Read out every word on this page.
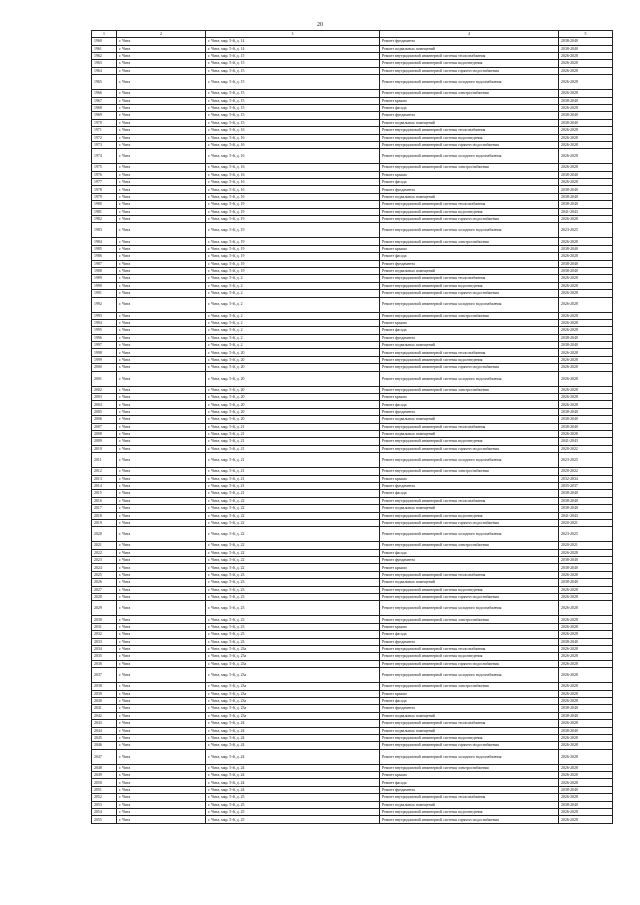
20
1	2	3	4	5
1960	г. Чита	г. Чита, мкр. 5-й, д. 14	Ремонт фундамента	2038-2040
1961	г. Чита	г. Чита, мкр. 5-й, д. 14	Ремонт подвальных помещений	2038-2040
1962	г. Чита	г. Чита, мкр. 5-й, д. 15	Ремонт внутридомовой инженерной системы теплоснабжения	2026-2028
1963	г. Чита	г. Чита, мкр. 5-й, д. 15	Ремонт внутридомовой инженерной системы водоотведения	2026-2028
1964	г. Чита	г. Чита, мкр. 5-й, д. 15	Ремонт внутридомовой инженерной системы горячего водоснабжения	2026-2028
1965	г. Чита	г. Чита, мкр. 5-й, д. 15	Ремонт внутридомовой инженерной системы холодного водоснабжения	2026-2028
1966	г. Чита	г. Чита, мкр. 5-й, д. 15	Ремонт внутридомовой инженерной системы электроснабжения	2026-2028
1967	г. Чита	г. Чита, мкр. 5-й, д. 15	Ремонт крыши	2038-2040
1968	г. Чита	г. Чита, мкр. 5-й, д. 15	Ремонт фасада	2026-2028
1969	г. Чита	г. Чита, мкр. 5-й, д. 15	Ремонт фундамента	2038-2040
1970	г. Чита	г. Чита, мкр. 5-й, д. 15	Ремонт подвальных помещений	2038-2040
1971	г. Чита	г. Чита, мкр. 5-й, д. 16	Ремонт внутридомовой инженерной системы теплоснабжения	2026-2028
1972	г. Чита	г. Чита, мкр. 5-й, д. 16	Ремонт внутридомовой инженерной системы водоотведения	2026-2028
1973	г. Чита	г. Чита, мкр. 5-й, д. 16	Ремонт внутридомовой инженерной системы горячего водоснабжения	2026-2028
1974	г. Чита	г. Чита, мкр. 5-й, д. 16	Ремонт внутридомовой инженерной системы холодного водоснабжения	2026-2028
1975	г. Чита	г. Чита, мкр. 5-й, д. 16	Ремонт внутридомовой инженерной системы электроснабжения	2026-2028
1976	г. Чита	г. Чита, мкр. 5-й, д. 16	Ремонт крыши	2038-2040
1977	г. Чита	г. Чита, мкр. 5-й, д. 16	Ремонт фасада	2026-2028
1978	г. Чита	г. Чита, мкр. 5-й, д. 16	Ремонт фундамента	2038-2040
1979	г. Чита	г. Чита, мкр. 5-й, д. 16	Ремонт подвальных помещений	2038-2040
1980	г. Чита	г. Чита, мкр. 5-й, д. 19	Ремонт внутридомовой инженерной системы теплоснабжения	2038-2040
1981	г. Чита	г. Чита, мкр. 5-й, д. 19	Ремонт внутридомовой инженерной системы водоотведения	2041-2043
1982	г. Чита	г. Чита, мкр. 5-й, д. 19	Ремонт внутридомовой инженерной системы горячего водоснабжения	2026-2028
1983	г. Чита	г. Чита, мкр. 5-й, д. 19	Ремонт внутридомовой инженерной системы холодного водоснабжения	2023-2025
1984	г. Чита	г. Чита, мкр. 5-й, д. 19	Ремонт внутридомовой инженерной системы электроснабжения	2026-2028
1985	г. Чита	г. Чита, мкр. 5-й, д. 19	Ремонт крыши	2038-2040
1986	г. Чита	г. Чита, мкр. 5-й, д. 19	Ремонт фасада	2026-2028
1987	г. Чита	г. Чита, мкр. 5-й, д. 19	Ремонт фундамента	2038-2040
1988	г. Чита	г. Чита, мкр. 5-й, д. 19	Ремонт подвальных помещений	2038-2040
1989	г. Чита	г. Чита, мкр. 5-й, д. 2	Ремонт внутридомовой инженерной системы теплоснабжения	2026-2028
1990	г. Чита	г. Чита, мкр. 5-й, д. 2	Ремонт внутридомовой инженерной системы водоотведения	2026-2028
1991	г. Чита	г. Чита, мкр. 5-й, д. 2	Ремонт внутридомовой инженерной системы горячего водоснабжения	2026-2028
1992	г. Чита	г. Чита, мкр. 5-й, д. 2	Ремонт внутридомовой инженерной системы холодного водоснабжения	2026-2028
1993	г. Чита	г. Чита, мкр. 5-й, д. 2	Ремонт внутридомовой инженерной системы электроснабжения	2026-2028
1994	г. Чита	г. Чита, мкр. 5-й, д. 2	Ремонт крыши	2026-2028
1995	г. Чита	г. Чита, мкр. 5-й, д. 2	Ремонт фасада	2026-2028
1996	г. Чита	г. Чита, мкр. 5-й, д. 2	Ремонт фундамента	2038-2040
1997	г. Чита	г. Чита, мкр. 5-й, д. 2	Ремонт подвальных помещений	2038-2040
1998	г. Чита	г. Чита, мкр. 5-й, д. 20	Ремонт внутридомовой инженерной системы теплоснабжения	2026-2028
1999	г. Чита	г. Чита, мкр. 5-й, д. 20	Ремонт внутридомовой инженерной системы водоотведения	2026-2028
2000	г. Чита	г. Чита, мкр. 5-й, д. 20	Ремонт внутридомовой инженерной системы горячего водоснабжения	2026-2028
2001	г. Чита	г. Чита, мкр. 5-й, д. 20	Ремонт внутридомовой инженерной системы холодного водоснабжения	2026-2028
2002	г. Чита	г. Чита, мкр. 5-й, д. 20	Ремонт внутридомовой инженерной системы электроснабжения	2026-2028
2003	г. Чита	г. Чита, мкр. 5-й, д. 20	Ремонт крыши	2026-2028
2004	г. Чита	г. Чита, мкр. 5-й, д. 20	Ремонт фасада	2026-2028
2005	г. Чита	г. Чита, мкр. 5-й, д. 20	Ремонт фундамента	2038-2040
2006	г. Чита	г. Чита, мкр. 5-й, д. 20	Ремонт подвальных помещений	2038-2040
2007	г. Чита	г. Чита, мкр. 5-й, д. 21	Ремонт внутридомовой инженерной системы теплоснабжения	2038-2040
2008	г. Чита	г. Чита, мкр. 5-й, д. 21	Ремонт подвальных помещений	2026-2028
2009	г. Чита	г. Чита, мкр. 5-й, д. 21	Ремонт внутридомовой инженерной системы водоотведения	2041-2043
2010	г. Чита	г. Чита, мкр. 5-й, д. 21	Ремонт внутридомовой инженерной системы горячего водоснабжения	2020-2022
2011	г. Чита	г. Чита, мкр. 5-й, д. 21	Ремонт внутридомовой инженерной системы холодного водоснабжения	2023-2025
2012	г. Чита	г. Чита, мкр. 5-й, д. 21	Ремонт внутридомовой инженерной системы электроснабжения	2020-2022
2013	г. Чита	г. Чита, мкр. 5-й, д. 21	Ремонт крыши	2032-2034
2014	г. Чита	г. Чита, мкр. 5-й, д. 21	Ремонт фундамента	2035-2037
2015	г. Чита	г. Чита, мкр. 5-й, д. 21	Ремонт фасада	2038-2040
2016	г. Чита	г. Чита, мкр. 5-й, д. 22	Ремонт внутридомовой инженерной системы теплоснабжения	2038-2040
2017	г. Чита	г. Чита, мкр. 5-й, д. 22	Ремонт подвальных помещений	2038-2040
2018	г. Чита	г. Чита, мкр. 5-й, д. 22	Ремонт внутридомовой инженерной системы водоотведения	2041-2043
2019	г. Чита	г. Чита, мкр. 5-й, д. 22	Ремонт внутридомовой инженерной системы горячего водоснабжения	2020-2021
2020	г. Чита	г. Чита, мкр. 5-й, д. 22	Ремонт внутридомовой инженерной системы холодного водоснабжения	2023-2025
2021	г. Чита	г. Чита, мкр. 5-й, д. 22	Ремонт внутридомовой инженерной системы электроснабжения	2020-2021
2022	г. Чита	г. Чита, мкр. 5-й, д. 22	Ремонт фасада	2026-2028
2023	г. Чита	г. Чита, мкр. 5-й, д. 22	Ремонт фундамента	2038-2040
2024	г. Чита	г. Чита, мкр. 5-й, д. 22	Ремонт крыши	2038-2040
2025	г. Чита	г. Чита, мкр. 5-й, д. 23	Ремонт внутридомовой инженерной системы теплоснабжения	2026-2028
2026	г. Чита	г. Чита, мкр. 5-й, д. 23	Ремонт подвальных помещений	2038-2040
2027	г. Чита	г. Чита, мкр. 5-й, д. 23	Ремонт внутридомовой инженерной системы водоотведения	2026-2028
2028	г. Чита	г. Чита, мкр. 5-й, д. 23	Ремонт внутридомовой инженерной системы горячего водоснабжения	2026-2028
2029	г. Чита	г. Чита, мкр. 5-й, д. 23	Ремонт внутридомовой инженерной системы холодного водоснабжения	2026-2028
2030	г. Чита	г. Чита, мкр. 5-й, д. 23	Ремонт внутридомовой инженерной системы электроснабжения	2026-2028
2031	г. Чита	г. Чита, мкр. 5-й, д. 23	Ремонт крыши	2026-2028
2032	г. Чита	г. Чита, мкр. 5-й, д. 23	Ремонт фасада	2026-2028
2033	г. Чита	г. Чита, мкр. 5-й, д. 23	Ремонт фундамента	2038-2040
2034	г. Чита	г. Чита, мкр. 5-й, д. 23а	Ремонт внутридомовой инженерной системы теплоснабжения	2026-2028
2035	г. Чита	г. Чита, мкр. 5-й, д. 23а	Ремонт внутридомовой инженерной системы водоотведения	2026-2028
2036	г. Чита	г. Чита, мкр. 5-й, д. 23а	Ремонт внутридомовой инженерной системы горячего водоснабжения	2026-2028
2037	г. Чита	г. Чита, мкр. 5-й, д. 23а	Ремонт внутридомовой инженерной системы холодного водоснабжения	2026-2028
2038	г. Чита	г. Чита, мкр. 5-й, д. 23а	Ремонт внутридомовой инженерной системы электроснабжения	2026-2028
2039	г. Чита	г. Чита, мкр. 5-й, д. 23а	Ремонт крыши	2026-2028
2040	г. Чита	г. Чита, мкр. 5-й, д. 23а	Ремонт фасада	2026-2028
2041	г. Чита	г. Чита, мкр. 5-й, д. 23а	Ремонт фундамента	2038-2040
2042	г. Чита	г. Чита, мкр. 5-й, д. 23а	Ремонт подвальных помещений	2038-2040
2043	г. Чита	г. Чита, мкр. 5-й, д. 24	Ремонт внутридомовой инженерной системы теплоснабжения	2026-2028
2044	г. Чита	г. Чита, мкр. 5-й, д. 24	Ремонт подвальных помещений	2038-2040
2045	г. Чита	г. Чита, мкр. 5-й, д. 24	Ремонт внутридомовой инженерной системы водоотведения	2026-2028
2046	г. Чита	г. Чита, мкр. 5-й, д. 24	Ремонт внутридомовой инженерной системы горячего водоснабжения	2026-2028
2047	г. Чита	г. Чита, мкр. 5-й, д. 24	Ремонт внутридомовой инженерной системы холодного водоснабжения	2026-2028
2048	г. Чита	г. Чита, мкр. 5-й, д. 24	Ремонт внутридомовой инженерной системы электроснабжения	2026-2028
2049	г. Чита	г. Чита, мкр. 5-й, д. 24	Ремонт крыши	2026-2028
2050	г. Чита	г. Чита, мкр. 5-й, д. 24	Ремонт фасада	2026-2028
2051	г. Чита	г. Чита, мкр. 5-й, д. 24	Ремонт фундамента	2038-2040
2052	г. Чита	г. Чита, мкр. 5-й, д. 25	Ремонт внутридомовой инженерной системы теплоснабжения	2026-2028
2053	г. Чита	г. Чита, мкр. 5-й, д. 25	Ремонт подвальных помещений	2038-2040
2054	г. Чита	г. Чита, мкр. 5-й, д. 25	Ремонт внутридомовой инженерной системы водоотведения	2026-2028
2055	г. Чита	г. Чита, мкр. 5-й, д. 25	Ремонт внутридомовой инженерной системы горячего водоснабжения	2026-2028
